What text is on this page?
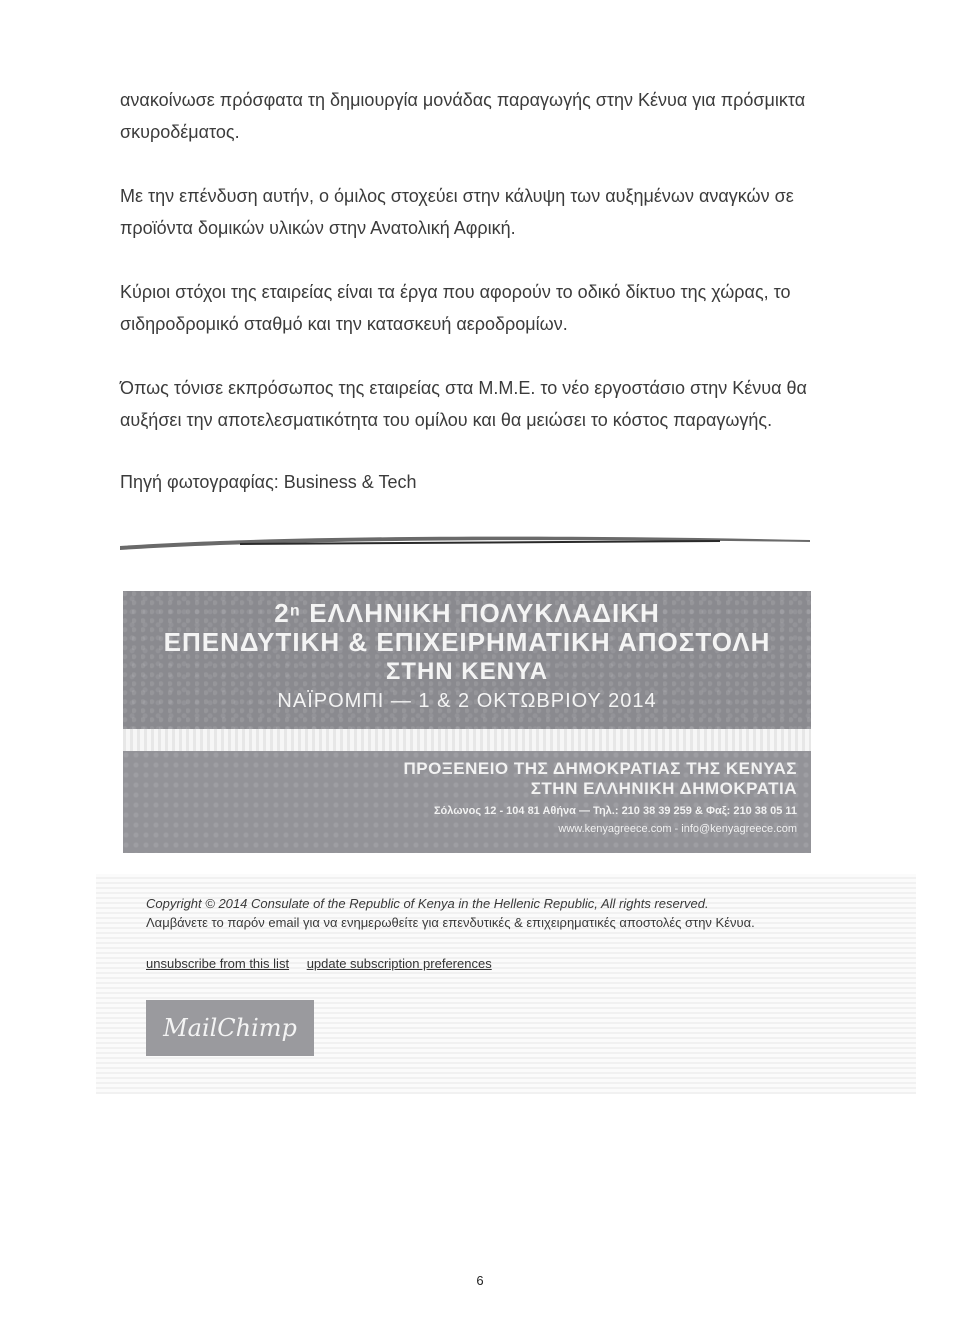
ανακοίνωσε πρόσφατα τη δημιουργία μονάδας παραγωγής στην Κένυα για πρόσμικτα σκυροδέματος.

Με την επένδυση αυτήν, ο όμιλος στοχεύει στην κάλυψη των αυξημένων αναγκών σε προϊόντα δομικών υλικών στην Ανατολική Αφρική.

Κύριοι στόχοι της εταιρείας είναι τα έργα που αφορούν το οδικό δίκτυο της χώρας, το σιδηροδρομικό σταθμό και την κατασκευή αεροδρομίων.

Όπως τόνισε εκπρόσωπος της εταιρείας στα Μ.Μ.Ε. το νέο εργοστάσιο στην Κένυα θα αυξήσει την αποτελεσματικότητα του ομίλου και θα μειώσει το κόστος παραγωγής.

Πηγή φωτογραφίας: Business & Tech

2ⁿ ΕΛΛΗΝΙΚΗ ΠΟΛΥΚΛΑΔΙΚΗ
ΕΠΕΝΔΥΤΙΚΗ & ΕΠΙΧΕΙΡΗΜΑΤΙΚΗ ΑΠΟΣΤΟΛΗ
ΣΤΗΝ ΚΕΝΥΑ
ΝΑΪΡΟΜΠΙ — 1 & 2 ΟΚΤΩΒΡΙΟΥ 2014
ΠΡΟΞΕΝΕΙΟ ΤΗΣ ΔΗΜΟΚΡΑΤΙΑΣ ΤΗΣ ΚΕΝΥΑΣ
ΣΤΗΝ ΕΛΛΗΝΙΚΗ ΔΗΜΟΚΡΑΤΙΑ
Σόλωνος 12 - 104 81 Αθήνα — Τηλ.: 210 38 39 259 & Φαξ: 210 38 05 11
www.kenyagreece.com - info@kenyagreece.com

Copyright © 2014 Consulate of the Republic of Kenya in the Hellenic Republic, All rights reserved.

Λαμβάνετε το παρόν email για να ενημερωθείτε για επενδυτικές & επιχειρηματικές αποστολές στην Κένυα.

unsubscribe from this list update subscription preferences
MailChimp
6
